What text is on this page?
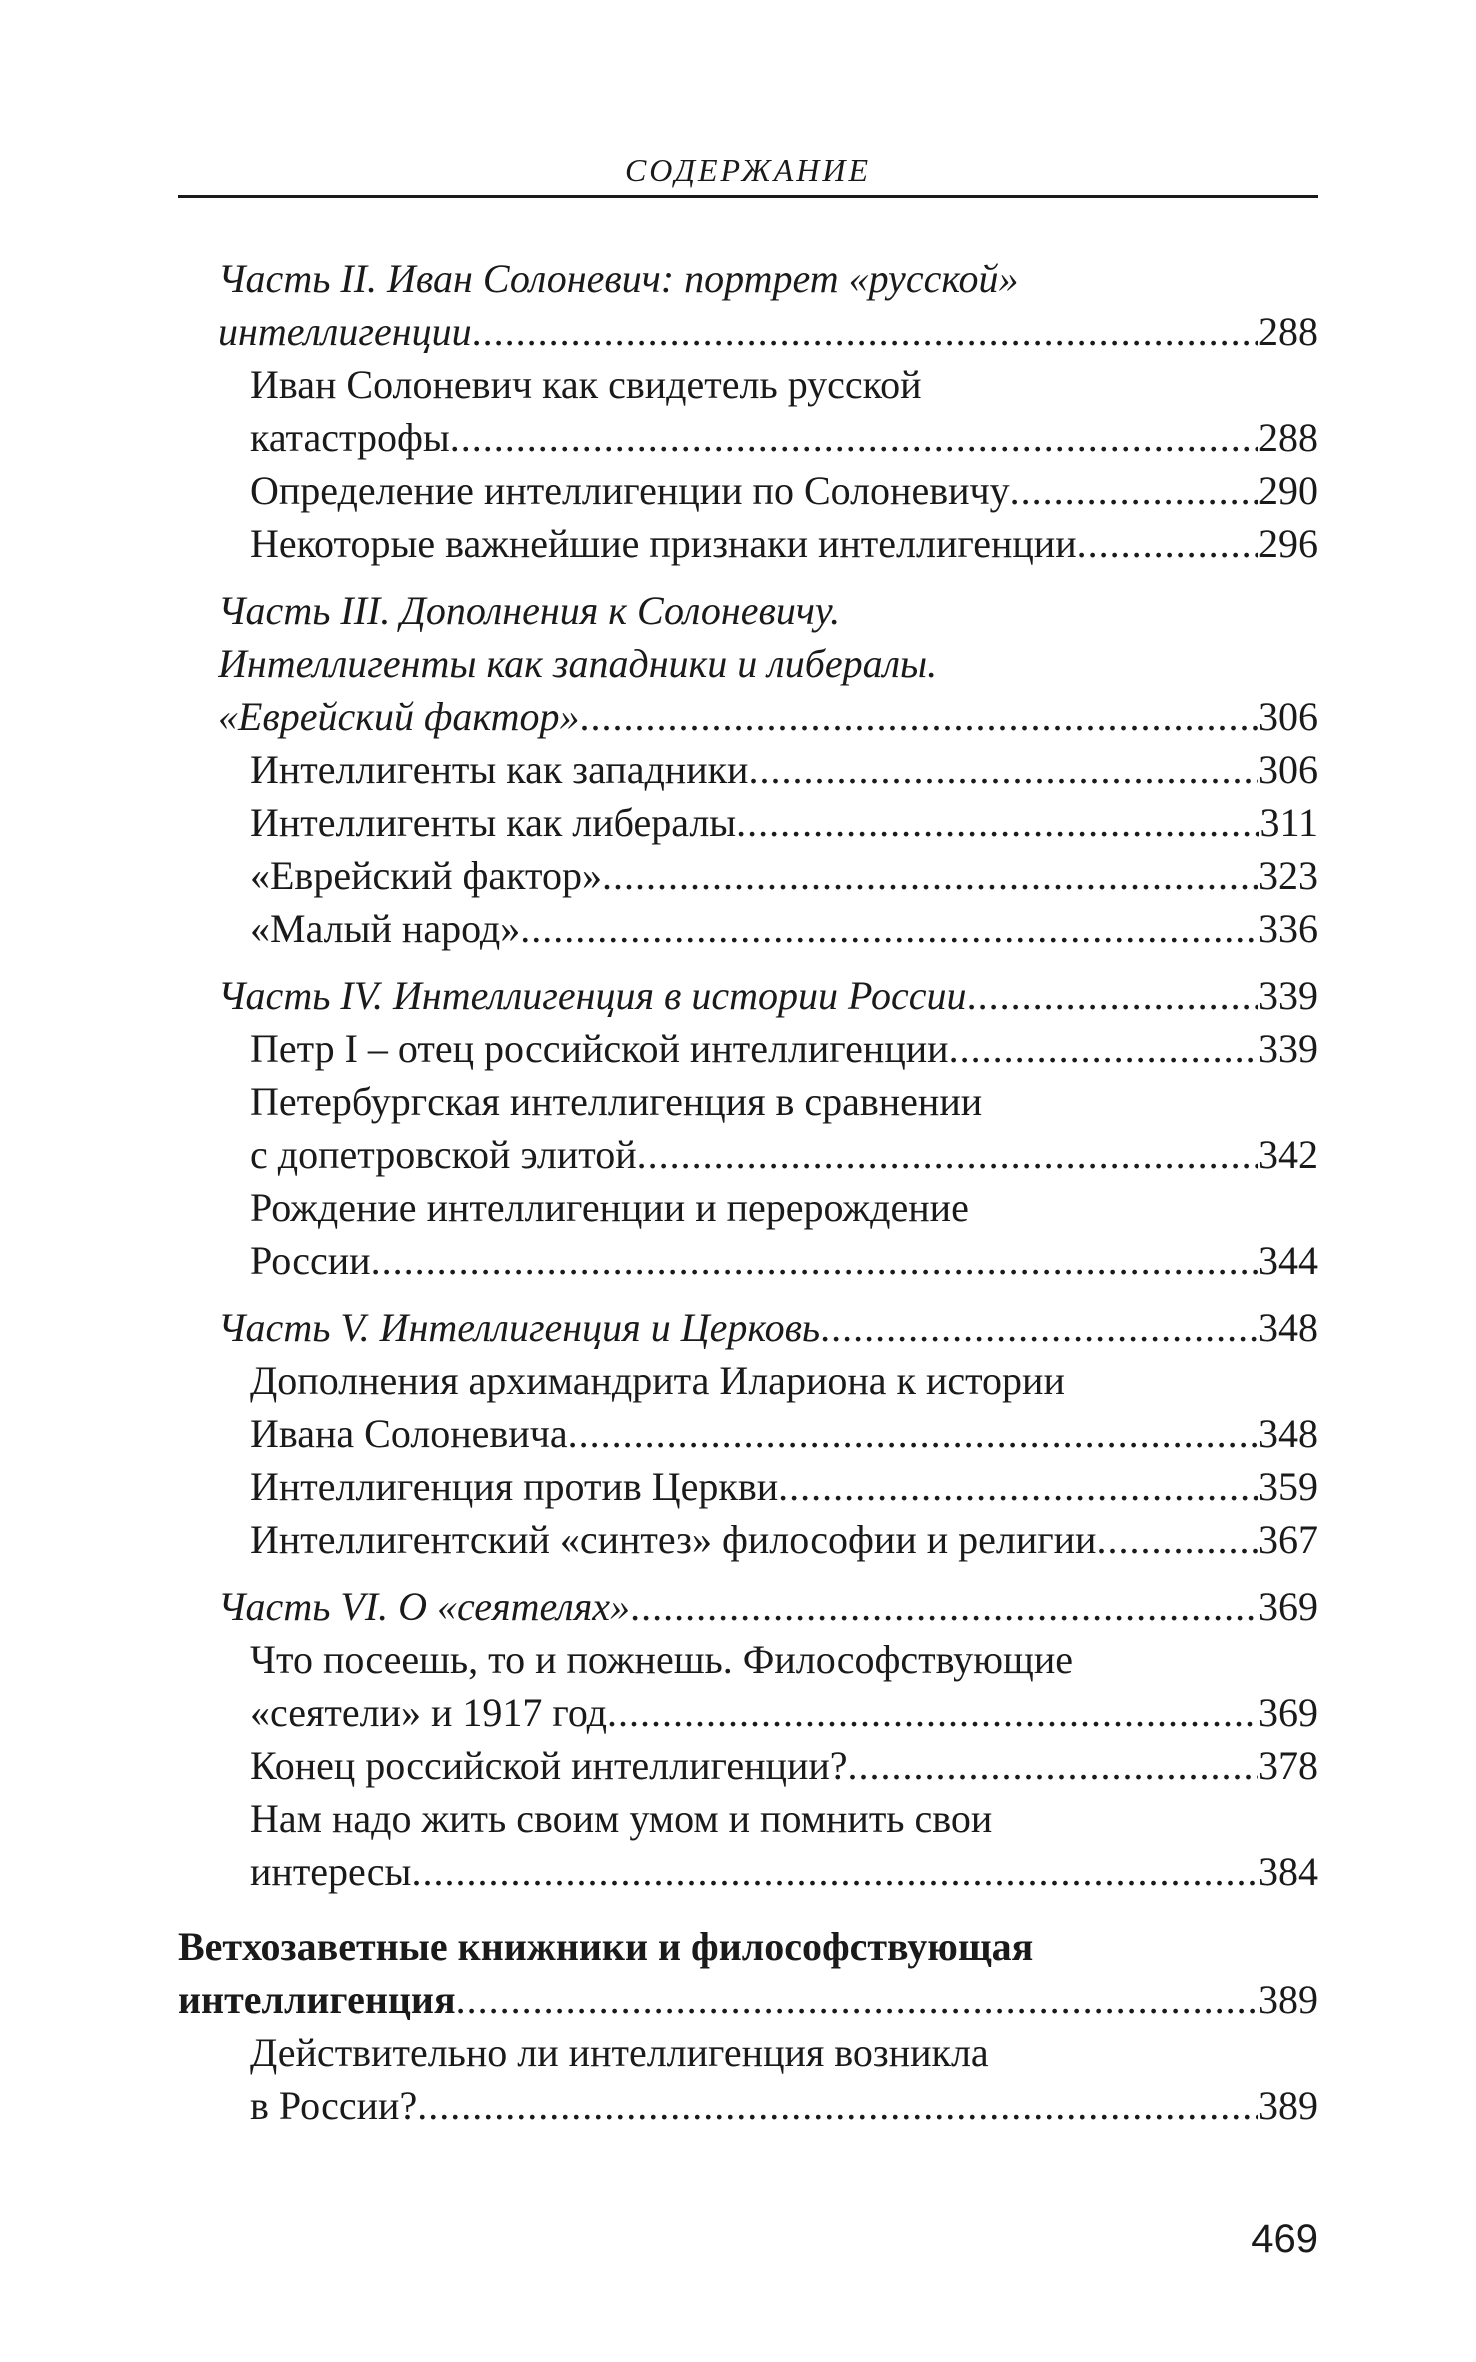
СОДЕРЖАНИЕ
Часть II. Иван Солоневич: портрет «русской»
интеллигенции .....	288
Иван Солоневич как свидетель русской
катастрофы .....	288
Определение интеллигенции по Солоневичу .....	290
Некоторые важнейшие признаки интеллигенции .....	296
Часть III. Дополнения к Солоневичу.
Интеллигенты как западники и либералы.
«Еврейский фактор» .....	306
Интеллигенты как западники .....	306
Интеллигенты как либералы .....	311
«Еврейский фактор» .....	323
«Малый народ» .....	336
Часть IV. Интеллигенция в истории России .....	339
Петр I – отец российской интеллигенции .....	339
Петербургская интеллигенция в сравнении
с допетровской элитой .....	342
Рождение интеллигенции и перерождение
России .....	344
Часть V. Интеллигенция и Церковь .....	348
Дополнения архимандрита Илариона к истории
Ивана Солоневича .....	348
Интеллигенция против Церкви .....	359
Интеллигентский «синтез» философии и религии .....	367
Часть VI. О «сеятелях» .....	369
Что посеешь, то и пожнешь. Философствующие
«сеятели» и 1917 год .....	369
Конец российской интеллигенции? .....	378
Нам надо жить своим умом и помнить свои
интересы .....	384
Ветхозаветные книжники и философствующая
интеллигенция .....	389
Действительно ли интеллигенция возникла
в России? .....	389
469
